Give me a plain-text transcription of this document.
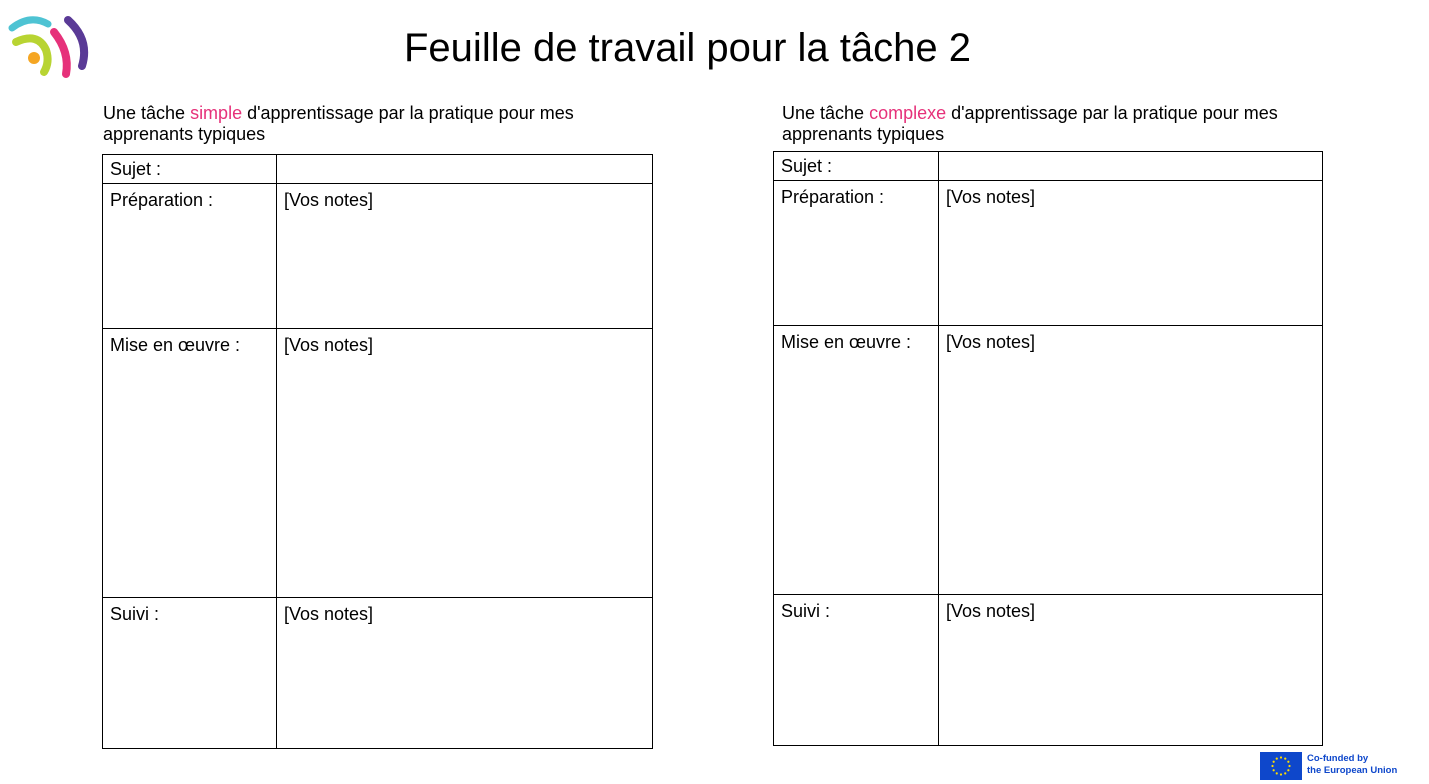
Feuille de travail pour la tâche 2

Une tâche simple d'apprentissage par la pratique pour mes apprenants typiques

Une tâche complexe d'apprentissage par la pratique pour mes apprenants typiques

Sujet :	
Préparation :	[Vos notes]
Mise en œuvre :	[Vos notes]
Suivi :	[Vos notes]
Sujet :	
Préparation :	[Vos notes]
Mise en œuvre :	[Vos notes]
Suivi :	[Vos notes]
Co-funded by
the European Union
